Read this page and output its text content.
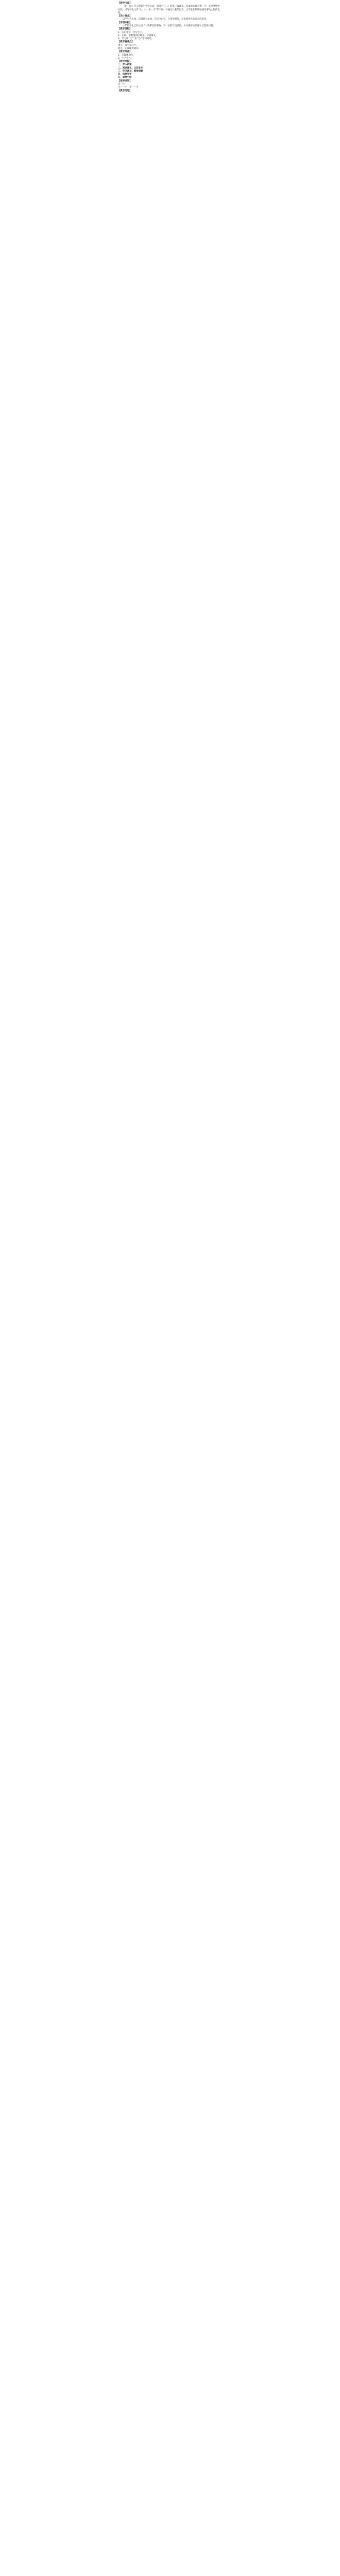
【教学内容】

《比一比》是人教版小学语文第一册识字（二）的第一篇课文。这篇课文以水果、牛、羊等事物作比较，引导学生认识“大、小、多、少”等字词，并通过儿歌的形式，让学生在朗读中感受事物之间的比较。

【设计理念】

以学生为主体，以朗读为主线，在读中识字，在读中感悟，在比较中体会语言的表达。

【学情分析】

一年级学生已经认识了一些常见的事物，有一定的比较经验，对儿歌形式的课文比较感兴趣。

【教学目标】

1．认识生字，会写生字。

2．正确、流利地朗读课文，背诵课文。

3．学习用“比”“多”“少”等词说话。

【教学重难点】

重点：识字和写字。

难点：正确使用量词。

【教学准备】

1．多媒体课件。

2．生字卡片。

【教学过程】

一、导入新课

二、初读课文，认识生字

三、学习课文，感悟理解

四、指导写字

五、课堂小结

【板书设计】

比一比

大——小　多——少

【教学反思】
